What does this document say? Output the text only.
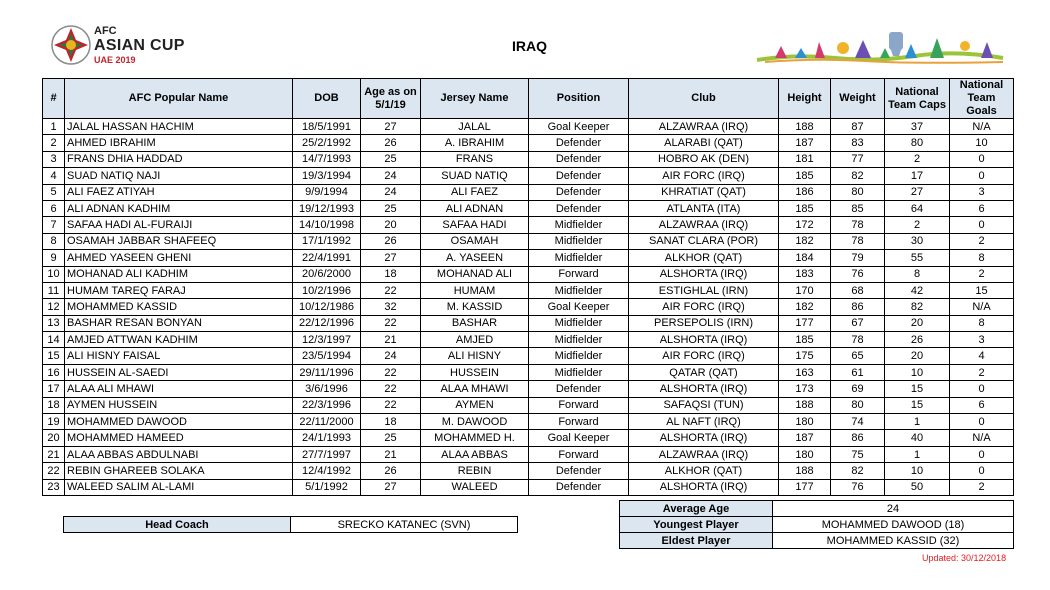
AFC
ASIAN CUP
UAE 2019
IRAQ
#	AFC Popular Name	DOB	Age as on 5/1/19	Jersey Name	Position	Club	Height	Weight	National Team Caps	National Team Goals
1	JALAL HASSAN HACHIM	18/5/1991	27	JALAL	Goal Keeper	ALZAWRAA (IRQ)	188	87	37	N/A
2	AHMED IBRAHIM	25/2/1992	26	A. IBRAHIM	Defender	ALARABI (QAT)	187	83	80	10
3	FRANS DHIA HADDAD	14/7/1993	25	FRANS	Defender	HOBRO AK (DEN)	181	77	2	0
4	SUAD NATIQ NAJI	19/3/1994	24	SUAD NATIQ	Defender	AIR FORC (IRQ)	185	82	17	0
5	ALI FAEZ ATIYAH	9/9/1994	24	ALI FAEZ	Defender	KHRATIAT (QAT)	186	80	27	3
6	ALI ADNAN KADHIM	19/12/1993	25	ALI ADNAN	Defender	ATLANTA (ITA)	185	85	64	6
7	SAFAA HADI AL-FURAIJI	14/10/1998	20	SAFAA HADI	Midfielder	ALZAWRAA (IRQ)	172	78	2	0
8	OSAMAH JABBAR SHAFEEQ	17/1/1992	26	OSAMAH	Midfielder	SANAT CLARA (POR)	182	78	30	2
9	AHMED YASEEN GHENI	22/4/1991	27	A. YASEEN	Midfielder	ALKHOR (QAT)	184	79	55	8
10	MOHANAD ALI KADHIM	20/6/2000	18	MOHANAD ALI	Forward	ALSHORTA (IRQ)	183	76	8	2
11	HUMAM TAREQ FARAJ	10/2/1996	22	HUMAM	Midfielder	ESTIGHLAL (IRN)	170	68	42	15
12	MOHAMMED KASSID	10/12/1986	32	M. KASSID	Goal Keeper	AIR FORC (IRQ)	182	86	82	N/A
13	BASHAR RESAN BONYAN	22/12/1996	22	BASHAR	Midfielder	PERSEPOLIS (IRN)	177	67	20	8
14	AMJED ATTWAN KADHIM	12/3/1997	21	AMJED	Midfielder	ALSHORTA (IRQ)	185	78	26	3
15	ALI HISNY FAISAL	23/5/1994	24	ALI HISNY	Midfielder	AIR FORC (IRQ)	175	65	20	4
16	HUSSEIN AL-SAEDI	29/11/1996	22	HUSSEIN	Midfielder	QATAR (QAT)	163	61	10	2
17	ALAA ALI MHAWI	3/6/1996	22	ALAA MHAWI	Defender	ALSHORTA (IRQ)	173	69	15	0
18	AYMEN HUSSEIN	22/3/1996	22	AYMEN	Forward	SAFAQSI (TUN)	188	80	15	6
19	MOHAMMED DAWOOD	22/11/2000	18	M. DAWOOD	Forward	AL NAFT (IRQ)	180	74	1	0
20	MOHAMMED HAMEED	24/1/1993	25	MOHAMMED H.	Goal Keeper	ALSHORTA (IRQ)	187	86	40	N/A
21	ALAA ABBAS ABDULNABI	27/7/1997	21	ALAA ABBAS	Forward	ALZAWRAA (IRQ)	180	75	1	0
22	REBIN GHAREEB SOLAKA	12/4/1992	26	REBIN	Defender	ALKHOR (QAT)	188	82	10	0
23	WALEED SALIM AL-LAMI	5/1/1992	27	WALEED	Defender	ALSHORTA (IRQ)	177	76	50	2
Head Coach	SRECKO KATANEC (SVN)
Average Age	24
Youngest Player	MOHAMMED DAWOOD (18)
Eldest Player	MOHAMMED KASSID (32)
Updated: 30/12/2018
